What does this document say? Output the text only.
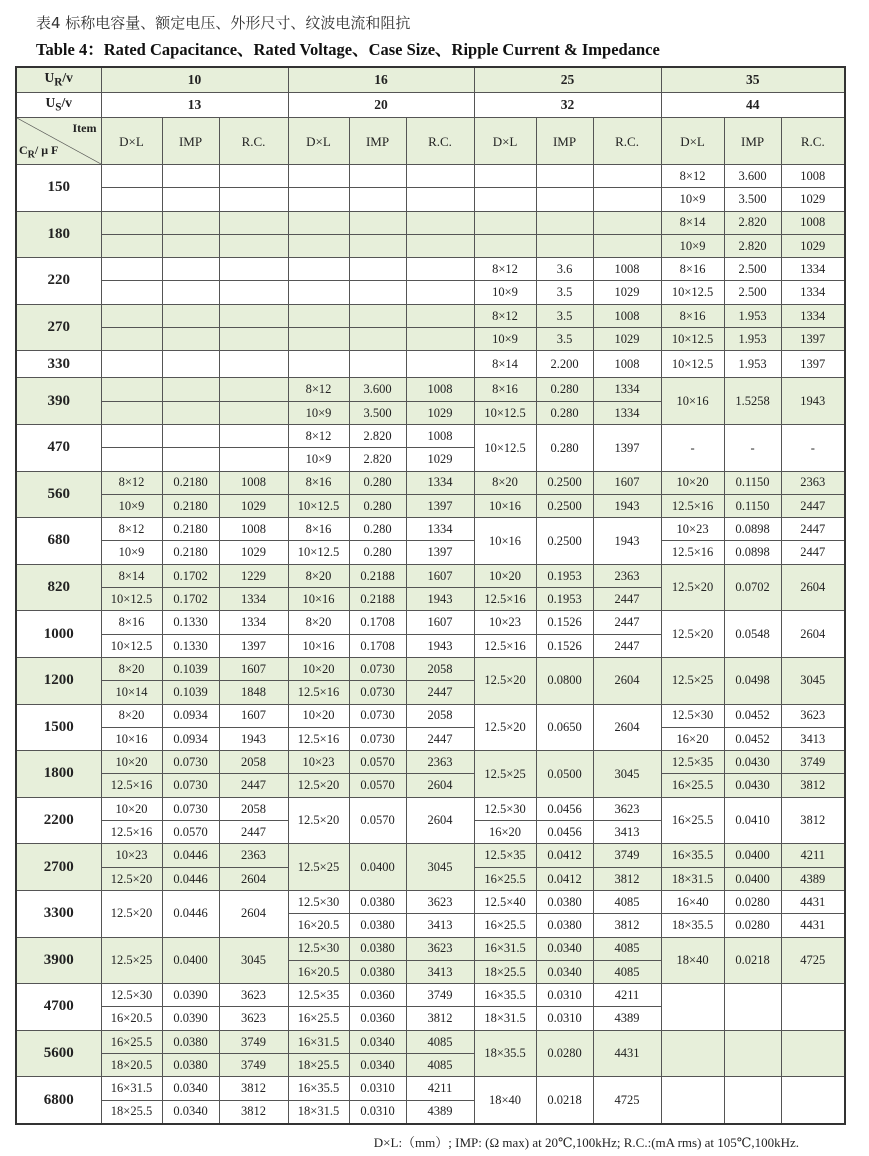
表4 标称电容量、额定电压、外形尺寸、纹波电流和阻抗
Table 4：Rated Capacitance、Rated Voltage、Case Size、Ripple Current & Impedance
$U_R/v$	10			16			25			35		
$U_S/v$	13			20			32			44		

Item
$C_R/$ μ F	D×L	IMP	R.C.	D×L	IMP	R.C.	D×L	IMP	R.C.	D×L	IMP	R.C.
150										8×12	3.600	1008
										10×9	3.500	1029
180										8×14	2.820	1008
										10×9	2.820	1029
220							8×12	3.6	1008	8×16	2.500	1334
							10×9	3.5	1029	10×12.5	2.500	1334
270							8×12	3.5	1008	8×16	1.953	1334
							10×9	3.5	1029	10×12.5	1.953	1397
330							8×14	2.200	1008	10×12.5	1.953	1397
390				8×12	3.600	1008	8×16	0.280	1334	10×16	1.5258	1943
				10×9	3.500	1029	10×12.5	0.280	1334			
470				8×12	2.820	1008	10×12.5	0.280	1397	-	-	-
				10×9	2.820	1029						
560	8×12	0.2180	1008	8×16	0.280	1334	8×20	0.2500	1607	10×20	0.1150	2363
	10×9	0.2180	1029	10×12.5	0.280	1397	10×16	0.2500	1943	12.5×16	0.1150	2447
680	8×12	0.2180	1008	8×16	0.280	1334	10×16	0.2500	1943	10×23	0.0898	2447
	10×9	0.2180	1029	10×12.5	0.280	1397				12.5×16	0.0898	2447
820	8×14	0.1702	1229	8×20	0.2188	1607	10×20	0.1953	2363	12.5×20	0.0702	2604
	10×12.5	0.1702	1334	10×16	0.2188	1943	12.5×16	0.1953	2447			
1000	8×16	0.1330	1334	8×20	0.1708	1607	10×23	0.1526	2447	12.5×20	0.0548	2604
	10×12.5	0.1330	1397	10×16	0.1708	1943	12.5×16	0.1526	2447			
1200	8×20	0.1039	1607	10×20	0.0730	2058	12.5×20	0.0800	2604	12.5×25	0.0498	3045
	10×14	0.1039	1848	12.5×16	0.0730	2447						
1500	8×20	0.0934	1607	10×20	0.0730	2058	12.5×20	0.0650	2604	12.5×30	0.0452	3623
	10×16	0.0934	1943	12.5×16	0.0730	2447				16×20	0.0452	3413
1800	10×20	0.0730	2058	10×23	0.0570	2363	12.5×25	0.0500	3045	12.5×35	0.0430	3749
	12.5×16	0.0730	2447	12.5×20	0.0570	2604				16×25.5	0.0430	3812
2200	10×20	0.0730	2058	12.5×20	0.0570	2604	12.5×30	0.0456	3623	16×25.5	0.0410	3812
	12.5×16	0.0570	2447				16×20	0.0456	3413			
2700	10×23	0.0446	2363	12.5×25	0.0400	3045	12.5×35	0.0412	3749	16×35.5	0.0400	4211
	12.5×20	0.0446	2604				16×25.5	0.0412	3812	18×31.5	0.0400	4389
3300	12.5×20	0.0446	2604	12.5×30	0.0380	3623	12.5×40	0.0380	4085	16×40	0.0280	4431
				16×20.5	0.0380	3413	16×25.5	0.0380	3812	18×35.5	0.0280	4431
3900	12.5×25	0.0400	3045	12.5×30	0.0380	3623	16×31.5	0.0340	4085	18×40	0.0218	4725
				16×20.5	0.0380	3413	18×25.5	0.0340	4085			
4700	12.5×30	0.0390	3623	12.5×35	0.0360	3749	16×35.5	0.0310	4211			
	16×20.5	0.0390	3623	16×25.5	0.0360	3812	18×31.5	0.0310	4389			
5600	16×25.5	0.0380	3749	16×31.5	0.0340	4085	18×35.5	0.0280	4431			
	18×20.5	0.0380	3749	18×25.5	0.0340	4085						
6800	16×31.5	0.0340	3812	16×35.5	0.0310	4211	18×40	0.0218	4725			
	18×25.5	0.0340	3812	18×31.5	0.0310	4389						
D×L:（mm）; IMP: (Ω max) at 20℃,100kHz; R.C.:(mA rms) at 105℃,100kHz.
